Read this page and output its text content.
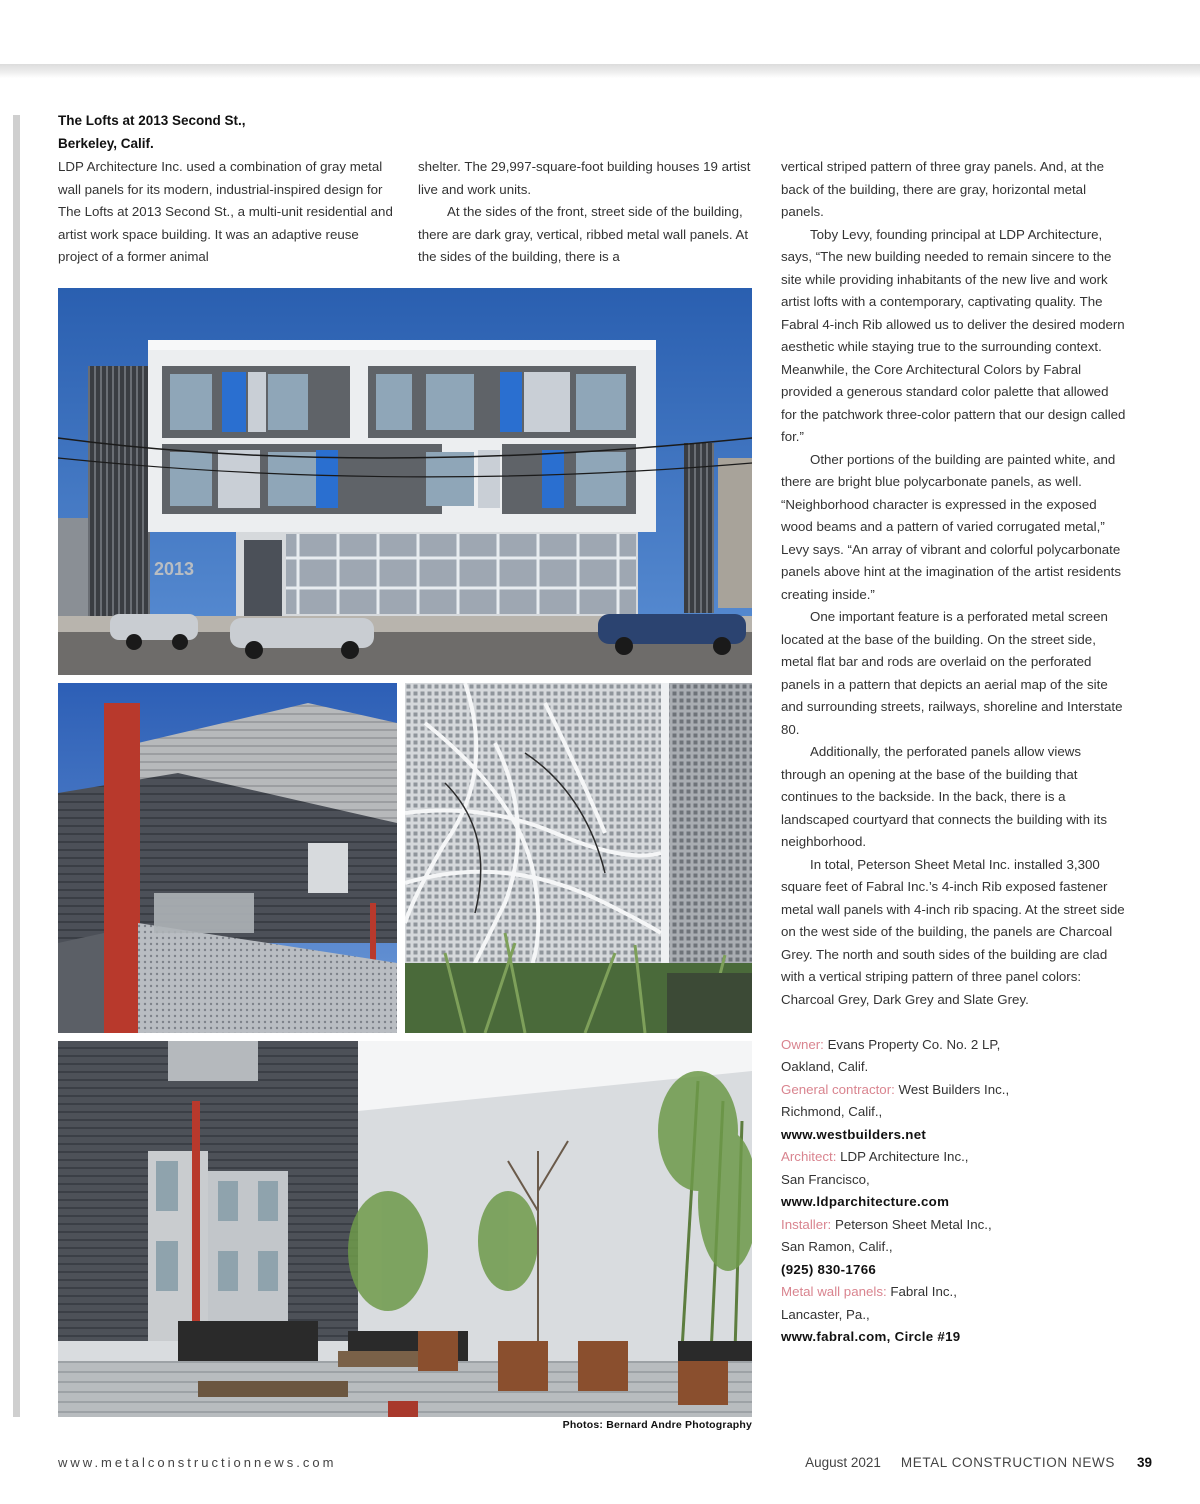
The Lofts at 2013 Second St.,
Berkeley, Calif.

LDP Architecture Inc. used a combination of gray metal wall panels for its modern, industrial-inspired design for The Lofts at 2013 Second St., a multi-unit residential and artist work space building. It was an adaptive reuse project of a former animal

shelter. The 29,997-square-foot building houses 19 artist live and work units.

At the sides of the front, street side of the building, there are dark gray, vertical, ribbed metal wall panels. At the sides of the building, there is a

vertical striped pattern of three gray panels. And, at the back of the building, there are gray, horizontal metal panels.

Toby Levy, founding principal at LDP Architecture, says, “The new building needed to remain sincere to the site while providing inhabitants of the new live and work artist lofts with a contemporary, captivating quality. The Fabral 4-inch Rib allowed us to deliver the desired modern aesthetic while staying true to the surrounding context. Meanwhile, the Core Architectural Colors by Fabral provided a generous standard color palette that allowed for the patchwork three-color pattern that our design called for.”

Other portions of the building are painted white, and there are bright blue polycarbonate panels, as well. “Neighborhood character is expressed in the exposed wood beams and a pattern of varied corrugated metal,” Levy says. “An array of vibrant and colorful polycarbonate panels above hint at the imagination of the artist residents creating inside.”

One important feature is a perforated metal screen located at the base of the building. On the street side, metal flat bar and rods are overlaid on the perforated panels in a pattern that depicts an aerial map of the site and surrounding streets, railways, shoreline and Interstate 80.

Additionally, the perforated panels allow views through an opening at the base of the building that continues to the backside. In the back, there is a landscaped courtyard that connects the building with its neighborhood.

In total, Peterson Sheet Metal Inc. installed 3,300 square feet of Fabral Inc.’s 4-inch Rib exposed fastener metal wall panels with 4-inch rib spacing. At the street side on the west side of the building, the panels are Charcoal Grey. The north and south sides of the building are clad with a vertical striping pattern of three panel colors: Charcoal Grey, Dark Grey and Slate Grey.

Owner: Evans Property Co. No. 2 LP,
Oakland, Calif.
General contractor: West Builders Inc.,
Richmond, Calif.,
www.westbuilders.net
Architect: LDP Architecture Inc.,
San Francisco,
www.ldparchitecture.com
Installer: Peterson Sheet Metal Inc.,
San Ramon, Calif.,
(925) 830-1766
Metal wall panels: Fabral Inc.,
Lancaster, Pa.,
www.fabral.com, Circle #19
2013
Photos: Bernard Andre Photography
www.metalconstructionnews.com	August 2021 METAL CONSTRUCTION NEWS 39
